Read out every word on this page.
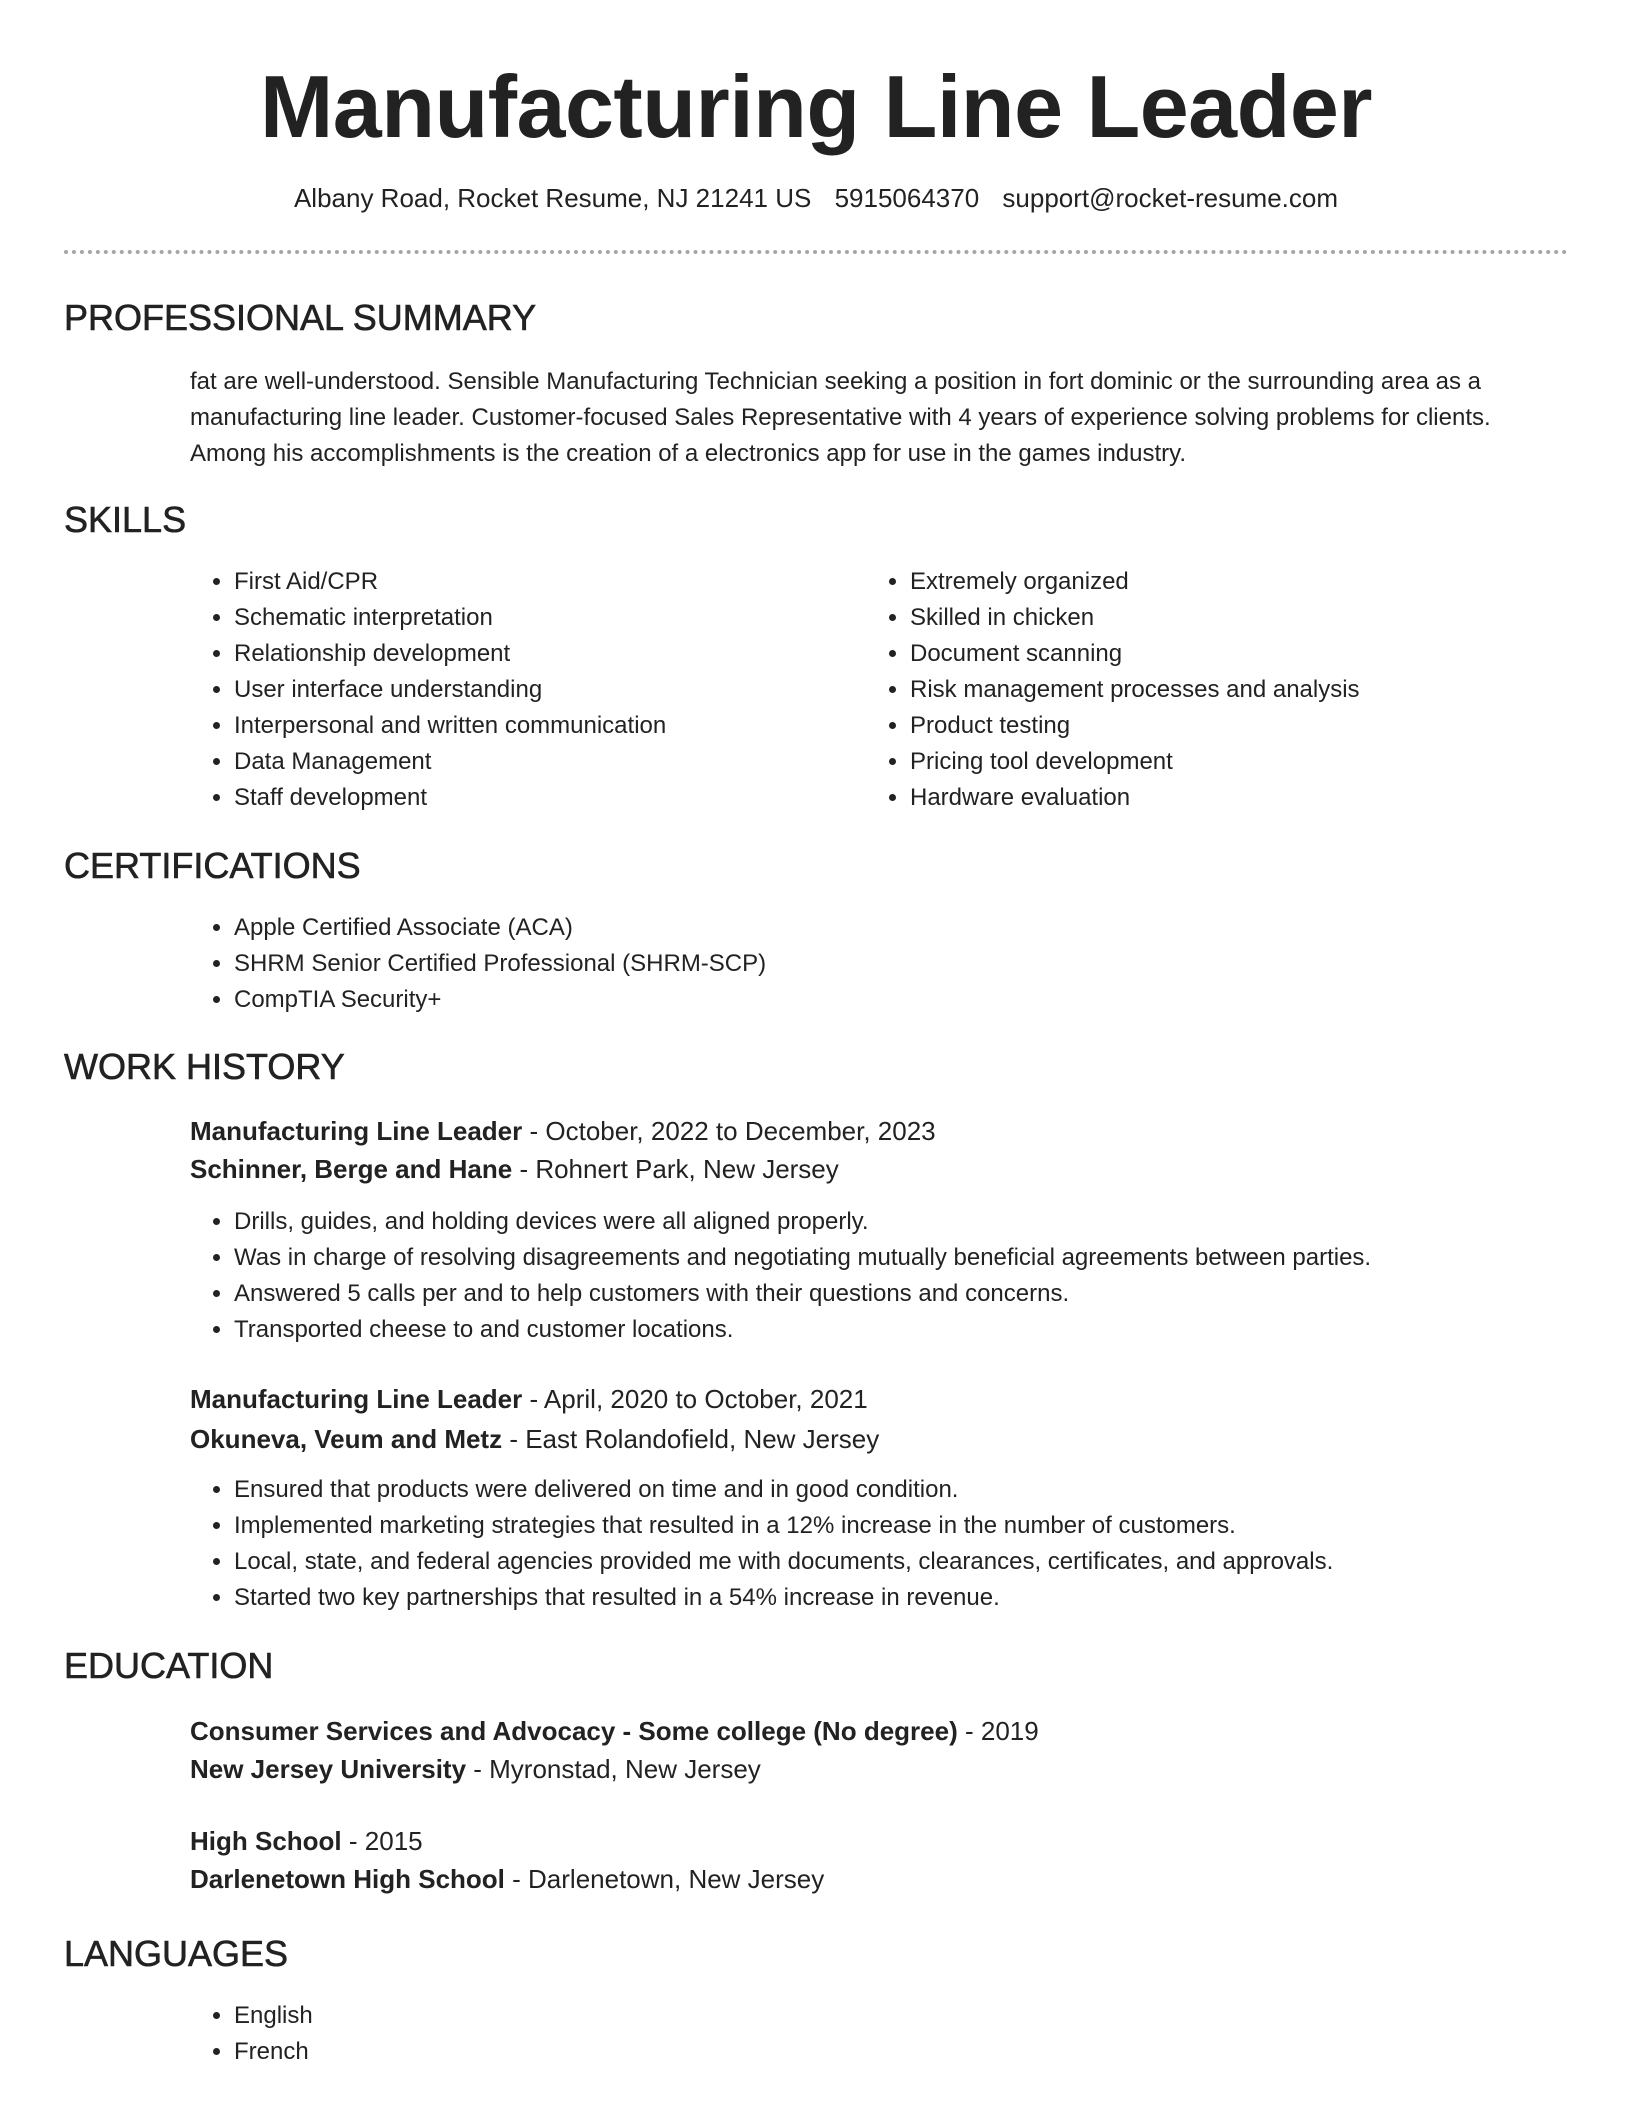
Manufacturing Line Leader
Albany Road, Rocket Resume, NJ 21241 US 5915064370 support@rocket-resume.com
PROFESSIONAL SUMMARY

fat are well-understood. Sensible Manufacturing Technician seeking a position in fort dominic or the surrounding area as a manufacturing line leader. Customer-focused Sales Representative with 4 years of experience solving problems for clients. Among his accomplishments is the creation of a electronics app for use in the games industry.

SKILLS
• First Aid/CPR
• Schematic interpretation
• Relationship development
• User interface understanding
• Interpersonal and written communication
• Data Management
• Staff development
• Extremely organized
• Skilled in chicken
• Document scanning
• Risk management processes and analysis
• Product testing
• Pricing tool development
• Hardware evaluation
CERTIFICATIONS
• Apple Certified Associate (ACA)
• SHRM Senior Certified Professional (SHRM-SCP)
• CompTIA Security+
WORK HISTORY
Manufacturing Line Leader - October, 2022 to December, 2023
Schinner, Berge and Hane - Rohnert Park, New Jersey
• Drills, guides, and holding devices were all aligned properly.
• Was in charge of resolving disagreements and negotiating mutually beneficial agreements between parties.
• Answered 5 calls per and to help customers with their questions and concerns.
• Transported cheese to and customer locations.
Manufacturing Line Leader - April, 2020 to October, 2021
Okuneva, Veum and Metz - East Rolandofield, New Jersey
• Ensured that products were delivered on time and in good condition.
• Implemented marketing strategies that resulted in a 12% increase in the number of customers.
• Local, state, and federal agencies provided me with documents, clearances, certificates, and approvals.
• Started two key partnerships that resulted in a 54% increase in revenue.
EDUCATION
Consumer Services and Advocacy - Some college (No degree) - 2019
New Jersey University - Myronstad, New Jersey
High School - 2015
Darlenetown High School - Darlenetown, New Jersey
LANGUAGES
• English
• French
